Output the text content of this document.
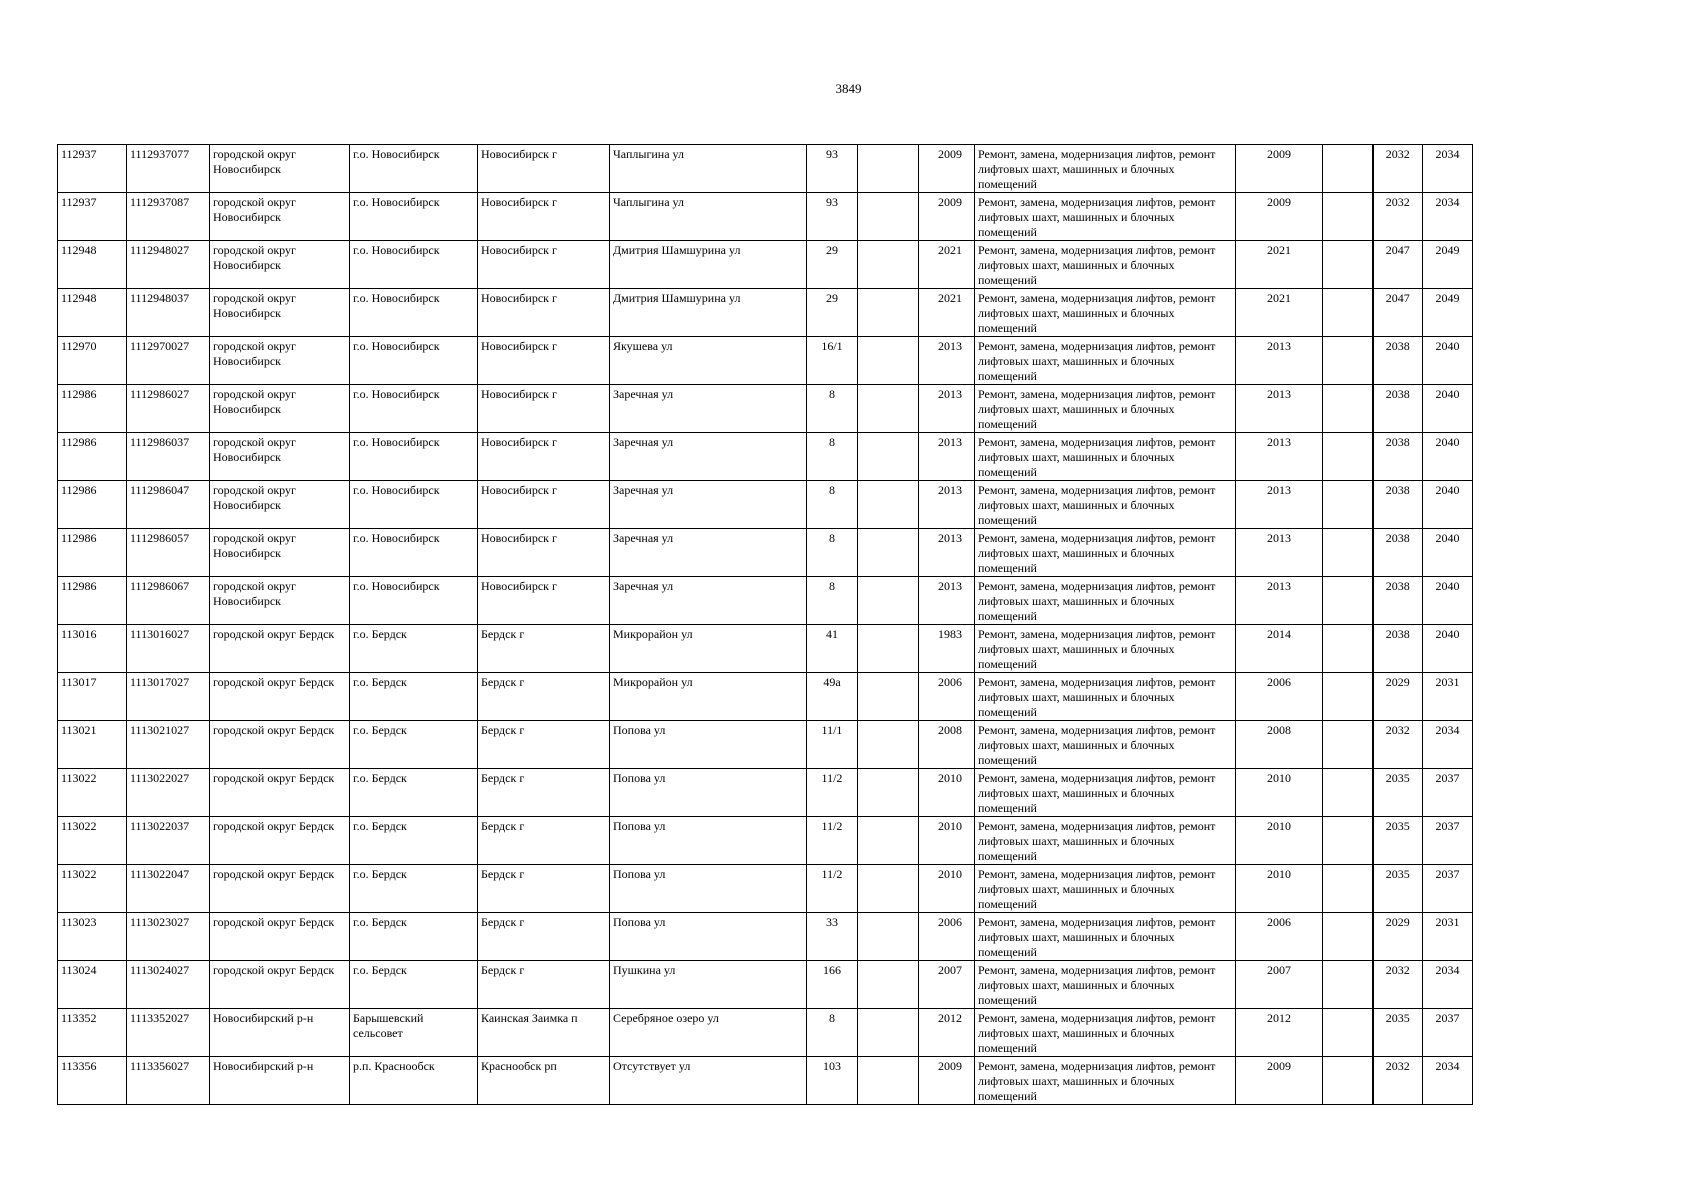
3849
112937	1112937077	городской округ Новосибирск	г.о. Новосибирск	Новосибирск г	Чаплыгина ул	93		2009	Ремонт, замена, модернизация лифтов, ремонт лифтовых шахт, машинных и блочных помещений	2009		2032	2034
112937	1112937087	городской округ Новосибирск	г.о. Новосибирск	Новосибирск г	Чаплыгина ул	93		2009	Ремонт, замена, модернизация лифтов, ремонт лифтовых шахт, машинных и блочных помещений	2009		2032	2034
112948	1112948027	городской округ Новосибирск	г.о. Новосибирск	Новосибирск г	Дмитрия Шамшурина ул	29		2021	Ремонт, замена, модернизация лифтов, ремонт лифтовых шахт, машинных и блочных помещений	2021		2047	2049
112948	1112948037	городской округ Новосибирск	г.о. Новосибирск	Новосибирск г	Дмитрия Шамшурина ул	29		2021	Ремонт, замена, модернизация лифтов, ремонт лифтовых шахт, машинных и блочных помещений	2021		2047	2049
112970	1112970027	городской округ Новосибирск	г.о. Новосибирск	Новосибирск г	Якушева ул	16/1		2013	Ремонт, замена, модернизация лифтов, ремонт лифтовых шахт, машинных и блочных помещений	2013		2038	2040
112986	1112986027	городской округ Новосибирск	г.о. Новосибирск	Новосибирск г	Заречная ул	8		2013	Ремонт, замена, модернизация лифтов, ремонт лифтовых шахт, машинных и блочных помещений	2013		2038	2040
112986	1112986037	городской округ Новосибирск	г.о. Новосибирск	Новосибирск г	Заречная ул	8		2013	Ремонт, замена, модернизация лифтов, ремонт лифтовых шахт, машинных и блочных помещений	2013		2038	2040
112986	1112986047	городской округ Новосибирск	г.о. Новосибирск	Новосибирск г	Заречная ул	8		2013	Ремонт, замена, модернизация лифтов, ремонт лифтовых шахт, машинных и блочных помещений	2013		2038	2040
112986	1112986057	городской округ Новосибирск	г.о. Новосибирск	Новосибирск г	Заречная ул	8		2013	Ремонт, замена, модернизация лифтов, ремонт лифтовых шахт, машинных и блочных помещений	2013		2038	2040
112986	1112986067	городской округ Новосибирск	г.о. Новосибирск	Новосибирск г	Заречная ул	8		2013	Ремонт, замена, модернизация лифтов, ремонт лифтовых шахт, машинных и блочных помещений	2013		2038	2040
113016	1113016027	городской округ Бердск	г.о. Бердск	Бердск г	Микрорайон ул	41		1983	Ремонт, замена, модернизация лифтов, ремонт лифтовых шахт, машинных и блочных помещений	2014		2038	2040
113017	1113017027	городской округ Бердск	г.о. Бердск	Бердск г	Микрорайон ул	49а		2006	Ремонт, замена, модернизация лифтов, ремонт лифтовых шахт, машинных и блочных помещений	2006		2029	2031
113021	1113021027	городской округ Бердск	г.о. Бердск	Бердск г	Попова ул	11/1		2008	Ремонт, замена, модернизация лифтов, ремонт лифтовых шахт, машинных и блочных помещений	2008		2032	2034
113022	1113022027	городской округ Бердск	г.о. Бердск	Бердск г	Попова ул	11/2		2010	Ремонт, замена, модернизация лифтов, ремонт лифтовых шахт, машинных и блочных помещений	2010		2035	2037
113022	1113022037	городской округ Бердск	г.о. Бердск	Бердск г	Попова ул	11/2		2010	Ремонт, замена, модернизация лифтов, ремонт лифтовых шахт, машинных и блочных помещений	2010		2035	2037
113022	1113022047	городской округ Бердск	г.о. Бердск	Бердск г	Попова ул	11/2		2010	Ремонт, замена, модернизация лифтов, ремонт лифтовых шахт, машинных и блочных помещений	2010		2035	2037
113023	1113023027	городской округ Бердск	г.о. Бердск	Бердск г	Попова ул	33		2006	Ремонт, замена, модернизация лифтов, ремонт лифтовых шахт, машинных и блочных помещений	2006		2029	2031
113024	1113024027	городской округ Бердск	г.о. Бердск	Бердск г	Пушкина ул	166		2007	Ремонт, замена, модернизация лифтов, ремонт лифтовых шахт, машинных и блочных помещений	2007		2032	2034
113352	1113352027	Новосибирский р-н	Барышевский сельсовет	Каинская Заимка п	Серебряное озеро ул	8		2012	Ремонт, замена, модернизация лифтов, ремонт лифтовых шахт, машинных и блочных помещений	2012		2035	2037
113356	1113356027	Новосибирский р-н	р.п. Краснообск	Краснообск рп	Отсутствует ул	103		2009	Ремонт, замена, модернизация лифтов, ремонт лифтовых шахт, машинных и блочных помещений	2009		2032	2034
